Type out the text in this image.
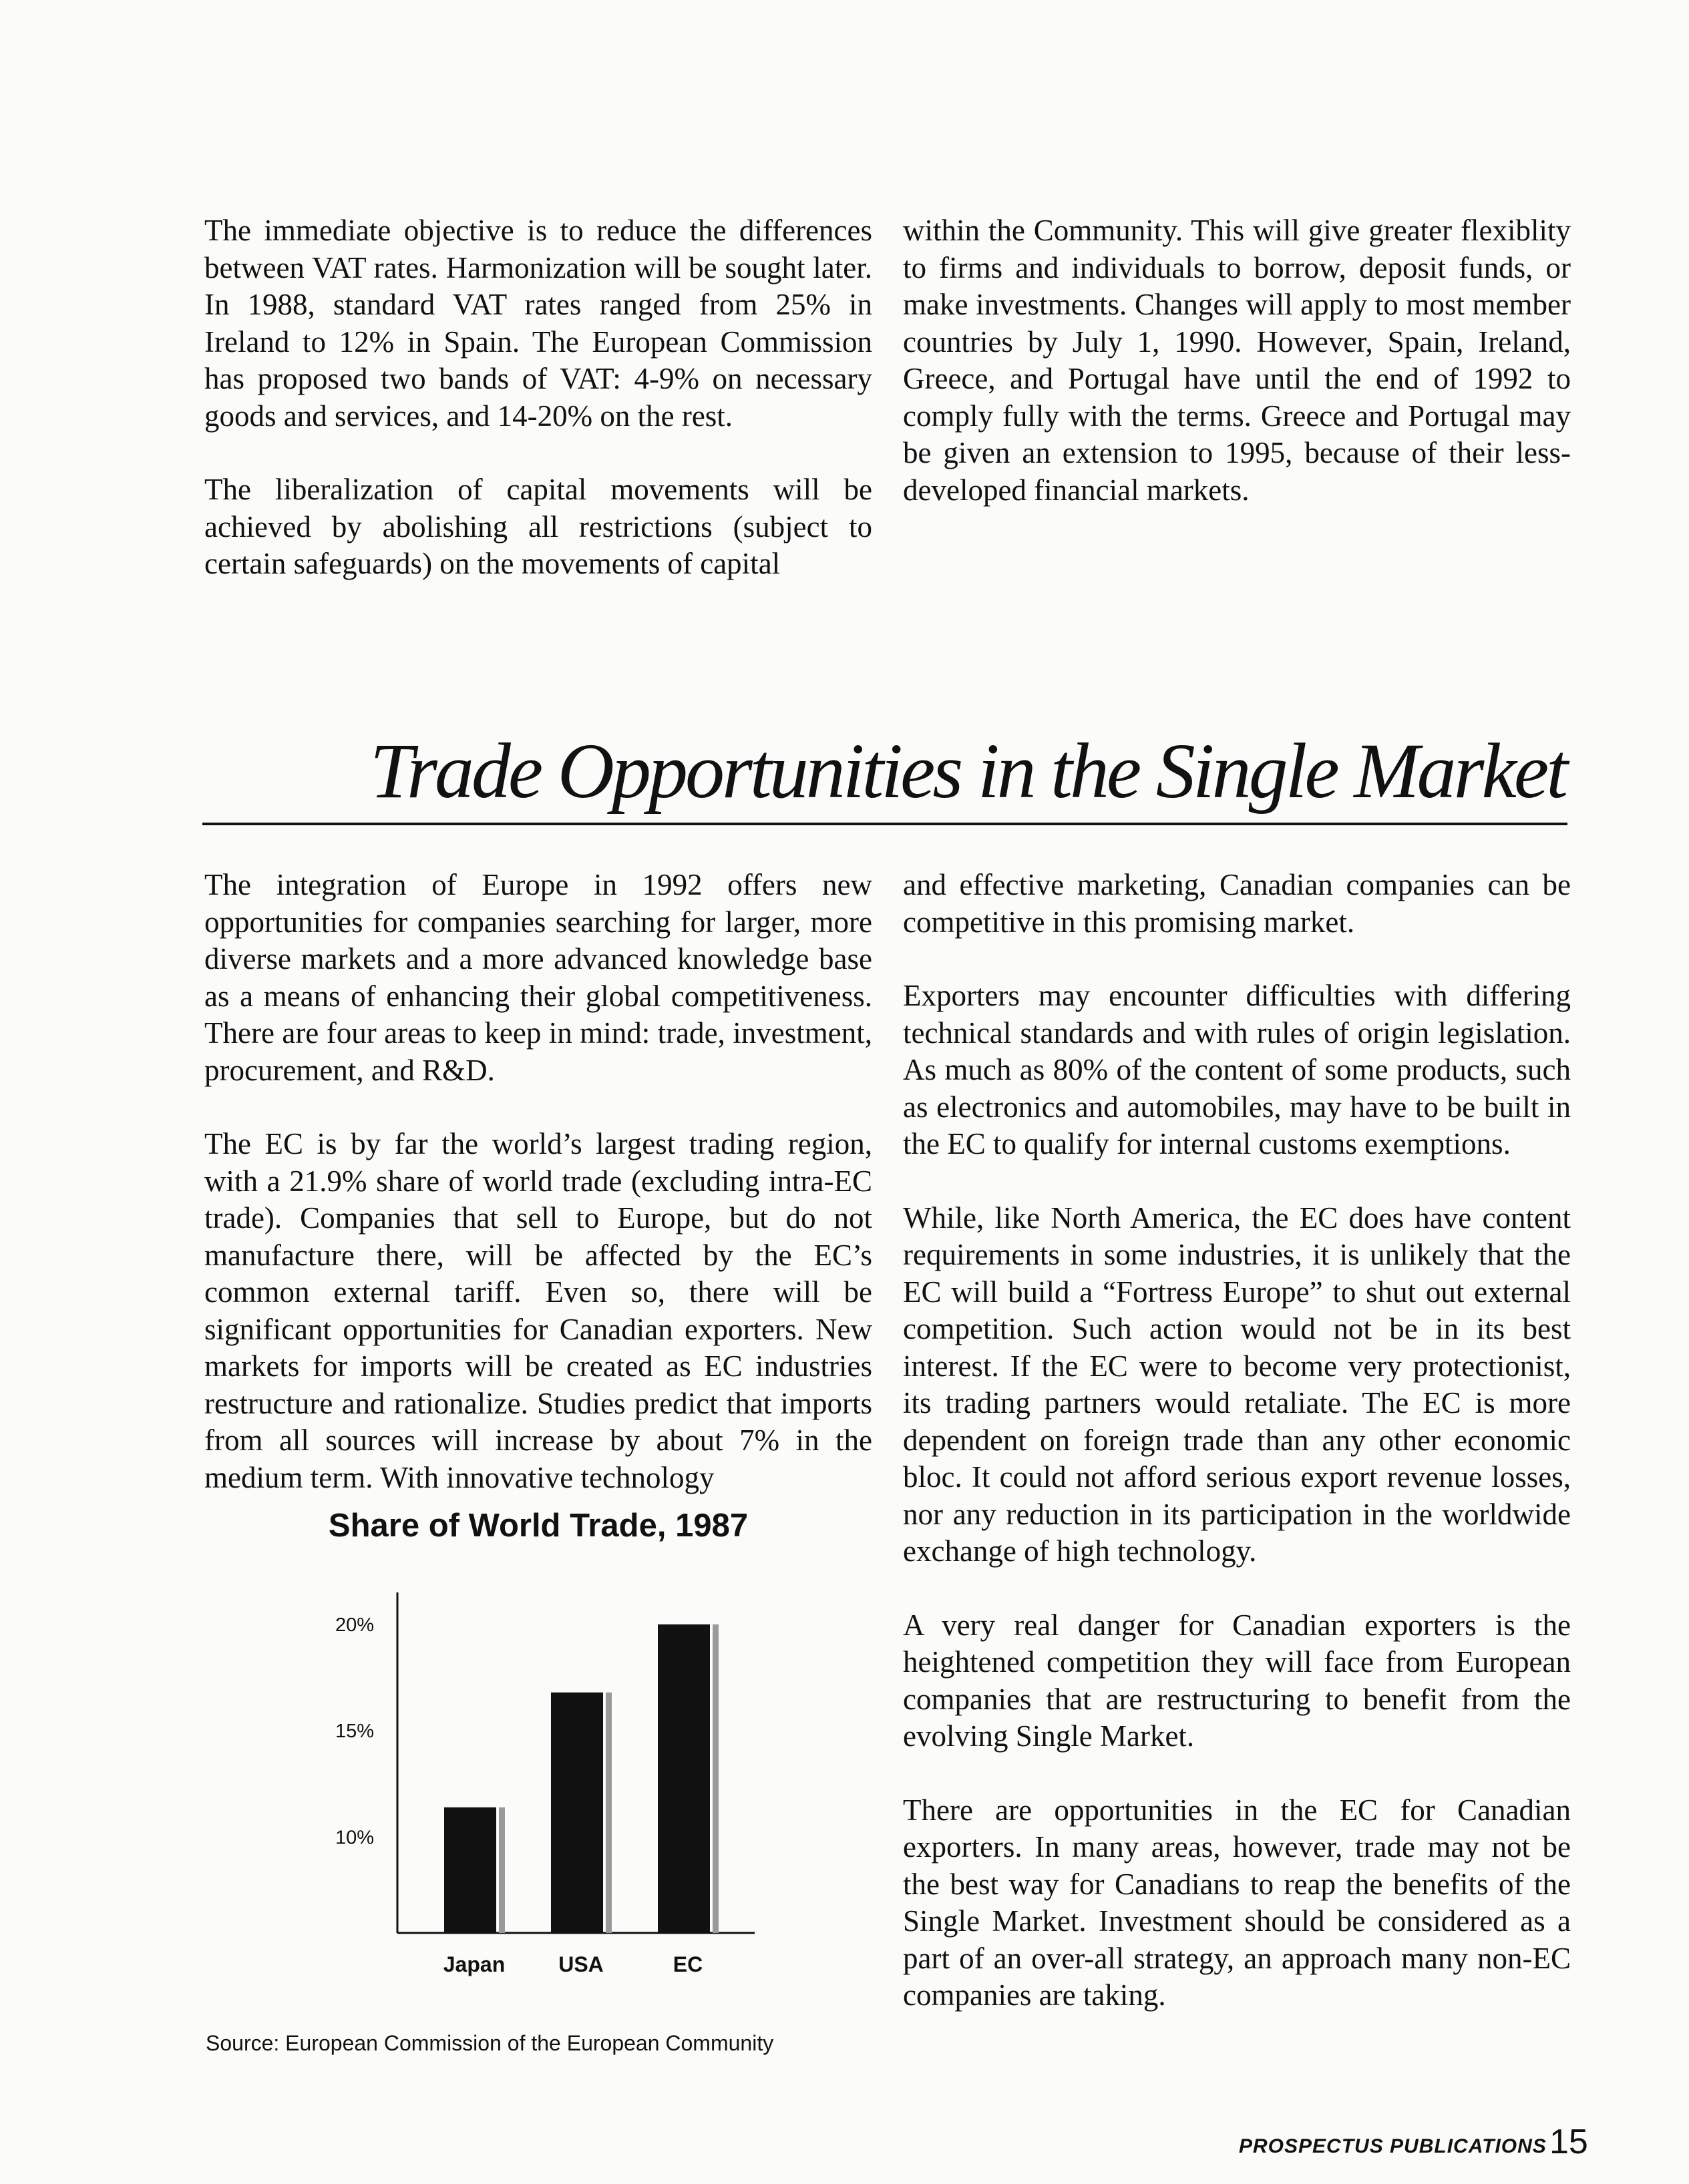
The immediate objective is to reduce the differences between VAT rates. Harmonization will be sought later. In 1988, standard VAT rates ranged from 25% in Ireland to 12% in Spain. The European Commission has proposed two bands of VAT: 4-9% on necessary goods and services, and 14-20% on the rest.

The liberalization of capital movements will be achieved by abolishing all restrictions (subject to certain safeguards) on the movements of capital

within the Community. This will give greater flexiblity to firms and individuals to borrow, deposit funds, or make investments. Changes will apply to most member countries by July 1, 1990. However, Spain, Ireland, Greece, and Portugal have until the end of 1992 to comply fully with the terms. Greece and Portugal may be given an extension to 1995, because of their less-developed financial markets.

Trade Opportunities in the Single Market

The integration of Europe in 1992 offers new opportunities for companies searching for larger, more diverse markets and a more advanced knowledge base as a means of enhancing their global competitiveness. There are four areas to keep in mind: trade, investment, procurement, and R&D.

The EC is by far the world’s largest trading region, with a 21.9% share of world trade (excluding intra-EC trade). Companies that sell to Europe, but do not manufacture there, will be affected by the EC’s common external tariff. Even so, there will be significant opportunities for Canadian exporters. New markets for imports will be created as EC industries restructure and rationalize. Studies predict that imports from all sources will increase by about 7% in the medium term. With innovative technology

and effective marketing, Canadian companies can be competitive in this promising market.

Exporters may encounter difficulties with differing technical standards and with rules of origin legislation. As much as 80% of the content of some products, such as electronics and automobiles, may have to be built in the EC to qualify for internal customs exemptions.

While, like North America, the EC does have content requirements in some industries, it is unlikely that the EC will build a “Fortress Europe” to shut out external competition. Such action would not be in its best interest. If the EC were to become very protectionist, its trading partners would retaliate. The EC is more dependent on foreign trade than any other economic bloc. It could not afford serious export revenue losses, nor any reduction in its participation in the worldwide exchange of high technology.

A very real danger for Canadian exporters is the heightened competition they will face from European companies that are restructuring to benefit from the evolving Single Market.

There are opportunities in the EC for Canadian exporters. In many areas, however, trade may not be the best way for Canadians to reap the benefits of the Single Market. Investment should be considered as a part of an over-all strategy, an approach many non-EC companies are taking.

Share of World Trade, 1987
10%
15%
20%
Japan USA	EC
Source: European Commission of the European Community
PROSPECTUS PUBLICATIONS 15
